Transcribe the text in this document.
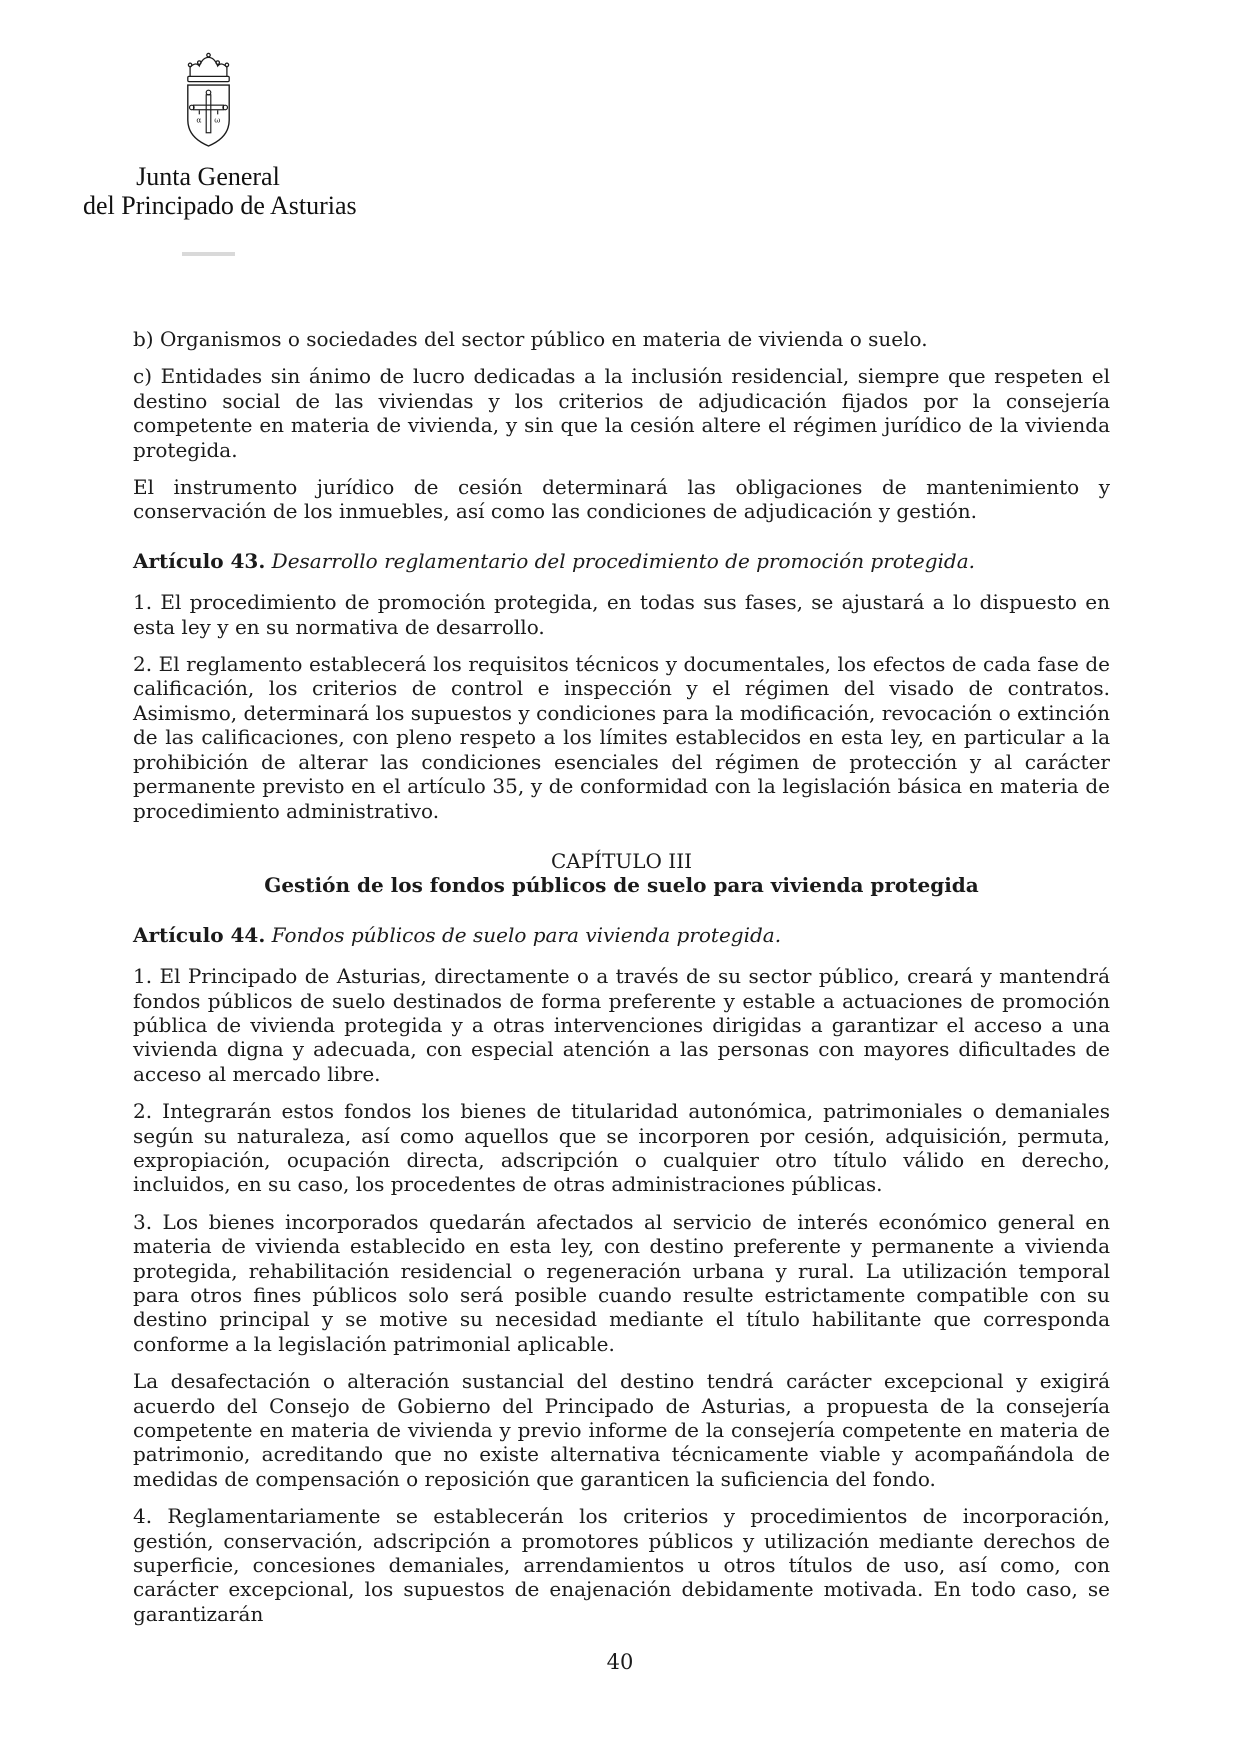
α ω
Junta General
del Principado de Asturias

b) Organismos o sociedades del sector público en materia de vivienda o suelo.

c) Entidades sin ánimo de lucro dedicadas a la inclusión residencial, siempre que respeten el destino social de las viviendas y los criterios de adjudicación fijados por la consejería competente en materia de vivienda, y sin que la cesión altere el régimen jurídico de la vivienda protegida.

El instrumento jurídico de cesión determinará las obligaciones de mantenimiento y conservación de los inmuebles, así como las condiciones de adjudicación y gestión.

Artículo 43. Desarrollo reglamentario del procedimiento de promoción protegida.

1. El procedimiento de promoción protegida, en todas sus fases, se ajustará a lo dispuesto en esta ley y en su normativa de desarrollo.

2. El reglamento establecerá los requisitos técnicos y documentales, los efectos de cada fase de calificación, los criterios de control e inspección y el régimen del visado de contratos. Asimismo, determinará los supuestos y condiciones para la modificación, revocación o extinción de las calificaciones, con pleno respeto a los límites establecidos en esta ley, en particular a la prohibición de alterar las condiciones esenciales del régimen de protección y al carácter permanente previsto en el artículo 35, y de conformidad con la legislación básica en materia de procedimiento administrativo.

CAPÍTULO III

Gestión de los fondos públicos de suelo para vivienda protegida

Artículo 44. Fondos públicos de suelo para vivienda protegida.

1. El Principado de Asturias, directamente o a través de su sector público, creará y mantendrá fondos públicos de suelo destinados de forma preferente y estable a actuaciones de promoción pública de vivienda protegida y a otras intervenciones dirigidas a garantizar el acceso a una vivienda digna y adecuada, con especial atención a las personas con mayores dificultades de acceso al mercado libre.

2. Integrarán estos fondos los bienes de titularidad autonómica, patrimoniales o demaniales según su naturaleza, así como aquellos que se incorporen por cesión, adquisición, permuta, expropiación, ocupación directa, adscripción o cualquier otro título válido en derecho, incluidos, en su caso, los procedentes de otras administraciones públicas.

3. Los bienes incorporados quedarán afectados al servicio de interés económico general en materia de vivienda establecido en esta ley, con destino preferente y permanente a vivienda protegida, rehabilitación residencial o regeneración urbana y rural. La utilización temporal para otros fines públicos solo será posible cuando resulte estrictamente compatible con su destino principal y se motive su necesidad mediante el título habilitante que corresponda conforme a la legislación patrimonial aplicable.

La desafectación o alteración sustancial del destino tendrá carácter excepcional y exigirá acuerdo del Consejo de Gobierno del Principado de Asturias, a propuesta de la consejería competente en materia de vivienda y previo informe de la consejería competente en materia de patrimonio, acreditando que no existe alternativa técnicamente viable y acompañándola de medidas de compensación o reposición que garanticen la suficiencia del fondo.

4. Reglamentariamente se establecerán los criterios y procedimientos de incorporación, gestión, conservación, adscripción a promotores públicos y utilización mediante derechos de superficie, concesiones demaniales, arrendamientos u otros títulos de uso, así como, con carácter excepcional, los supuestos de enajenación debidamente motivada. En todo caso, se garantizarán

40
